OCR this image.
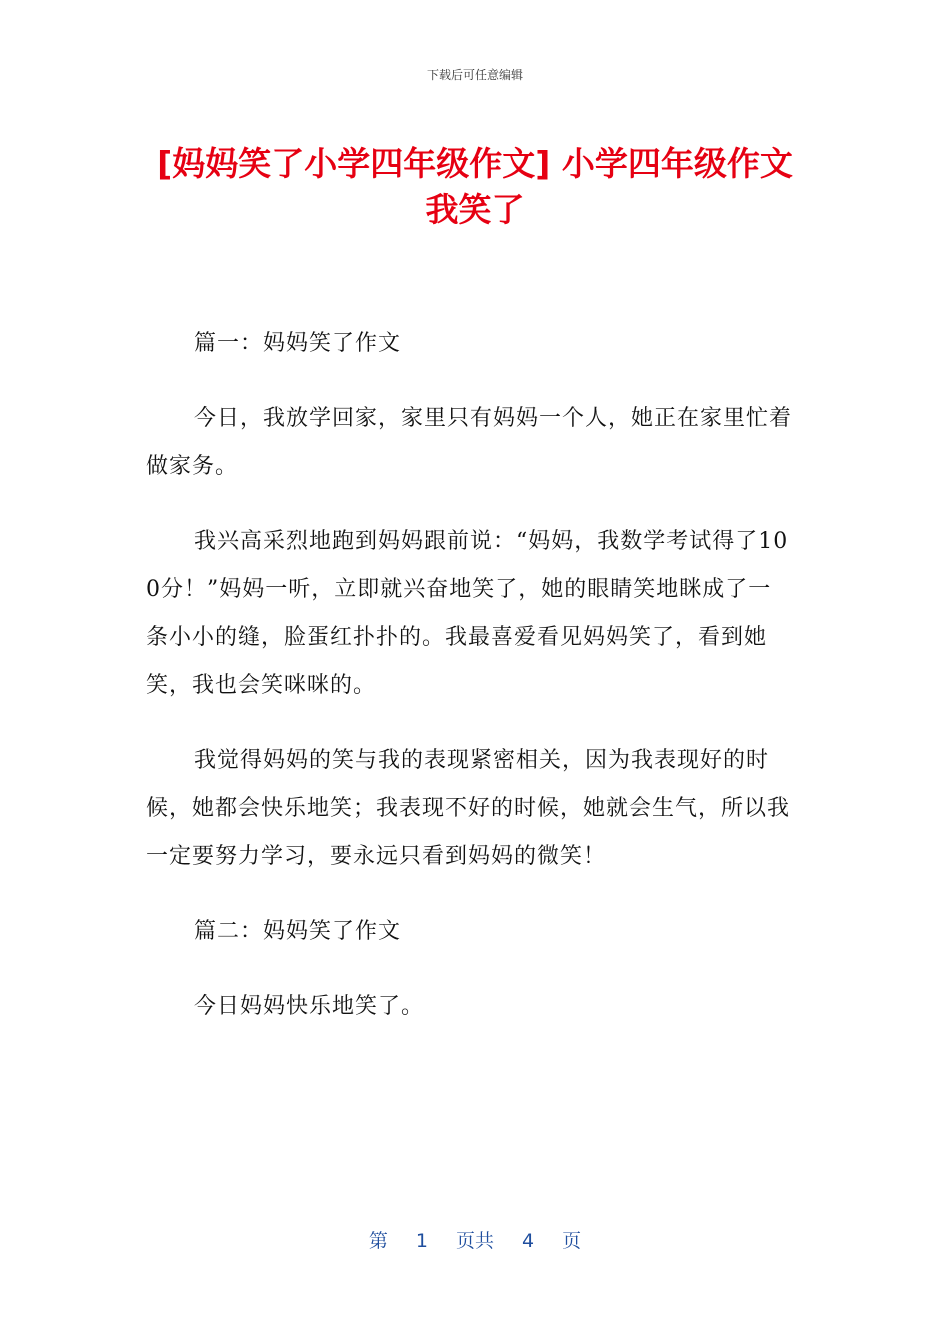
下载后可任意编辑
[妈妈笑了小学四年级作文] 小学四年级作文
我笑了

篇一：妈妈笑了作文

今日，我放学回家，家里只有妈妈一个人，她正在家里忙着做家务。

我兴高采烈地跑到妈妈跟前说：“妈妈，我数学考试得了100分！”妈妈一听，立即就兴奋地笑了，她的眼睛笑地眯成了一条小小的缝，脸蛋红扑扑的。我最喜爱看见妈妈笑了，看到她笑，我也会笑咪咪的。

我觉得妈妈的笑与我的表现紧密相关，因为我表现好的时候，她都会快乐地笑；我表现不好的时候，她就会生气，所以我一定要努力学习，要永远只看到妈妈的微笑！

篇二：妈妈笑了作文

今日妈妈快乐地笑了。

第 1 页共 4 页
